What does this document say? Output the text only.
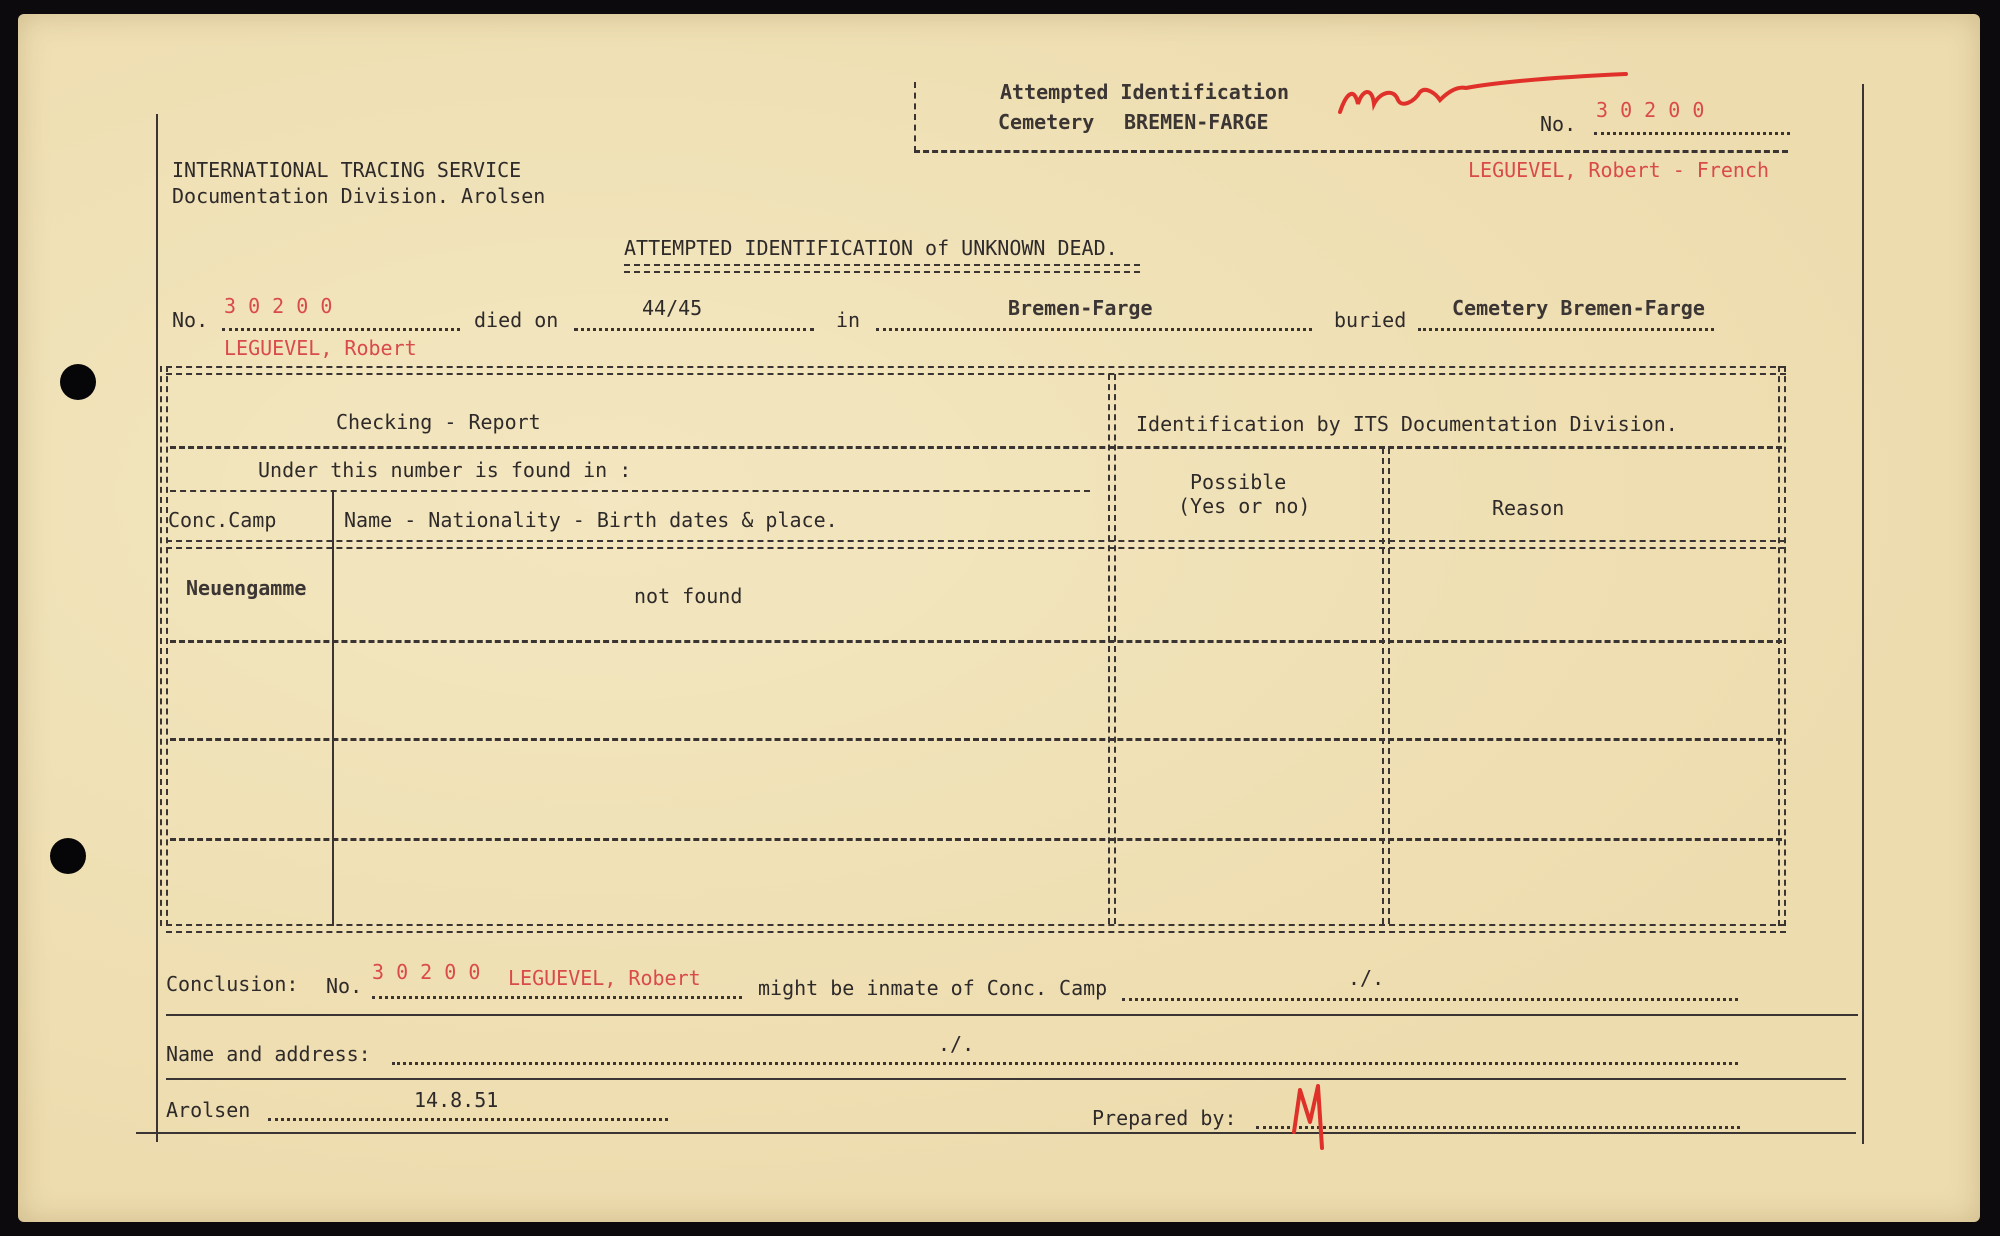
Attempted Identification
Cemetery BREMEN-FARGE	No.
3 0 2 0 0
LEGUEVEL, Robert - French
INTERNATIONAL TRACING SERVICE
Documentation Division. Arolsen
ATTEMPTED IDENTIFICATION of UNKNOWN DEAD.
No.
3 0 2 0 0
died on	44/45	in	Bremen-Farge	buried Cemetery Bremen-Farge
LEGUEVEL, Robert
Checking - Report	Identification by ITS Documentation Division.
Under this number is found in :
Conc.Camp	Name - Nationality - Birth dates & place.
Possible
(Yes or no)	Reason
Neuengamme	not found
Conclusion: No.
3 0 2 0 0 LEGUEVEL, Robert	might be inmate of Conc. Camp	./.
Name and address:	./.
Arolsen	14.8.51
Prepared by:
